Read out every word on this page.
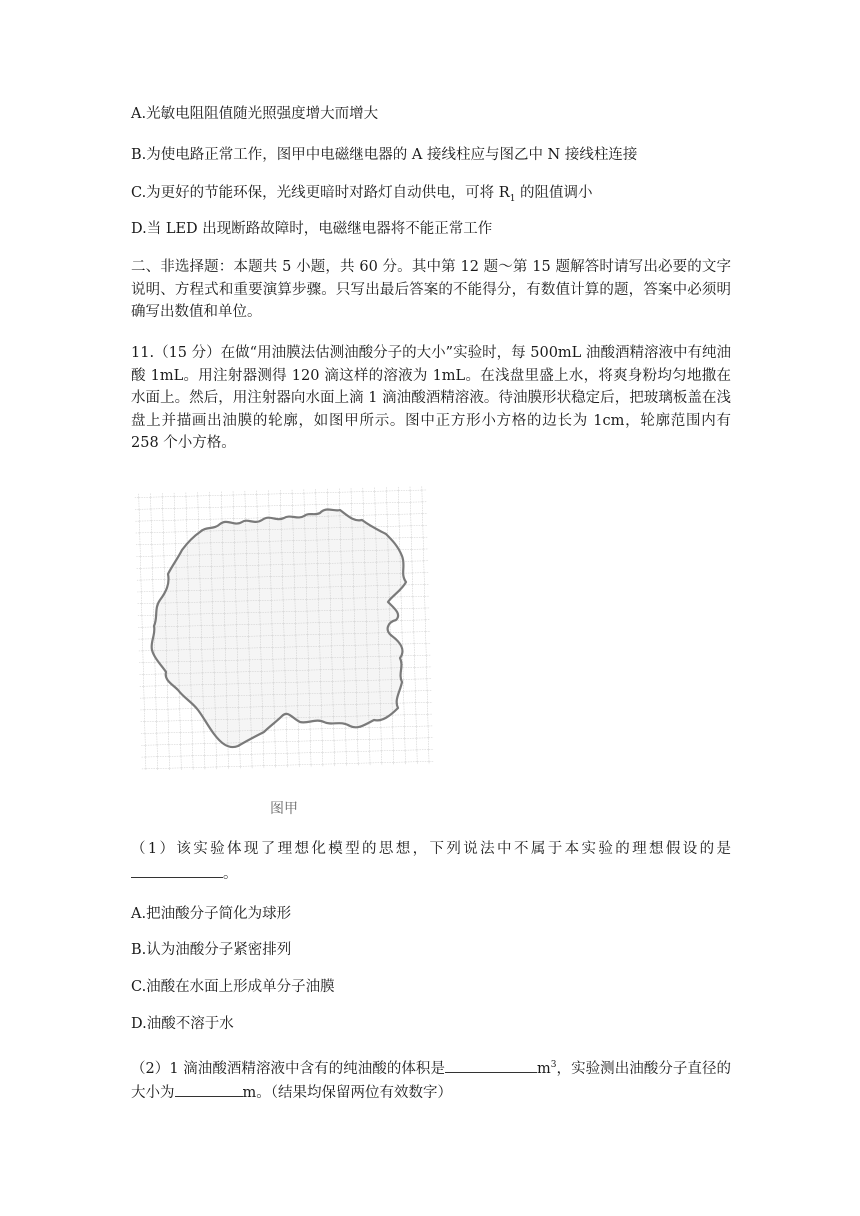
A.光敏电阻阻值随光照强度增大而增大
B.为使电路正常工作，图甲中电磁继电器的 A 接线柱应与图乙中 N 接线柱连接
C.为更好的节能环保，光线更暗时对路灯自动供电，可将 $R_1$ 的阻值调小
D.当 LED 出现断路故障时，电磁继电器将不能正常工作
二、非选择题：本题共 5 小题，共 60 分。其中第 12 题～第 15 题解答时请写出必要的文字说明、方程式和重要演算步骤。只写出最后答案的不能得分，有数值计算的题，答案中必须明确写出数值和单位。
11.（15 分）在做“用油膜法估测油酸分子的大小”实验时，每 500mL 油酸酒精溶液中有纯油酸 1mL。用注射器测得 120 滴这样的溶液为 1mL。在浅盘里盛上水，将爽身粉均匀地撒在水面上。然后，用注射器向水面上滴 1 滴油酸酒精溶液。待油膜形状稳定后，把玻璃板盖在浅盘上并描画出油膜的轮廓，如图甲所示。图中正方形小方格的边长为 1cm，轮廓范围内有 258 个小方格。
图甲
（1）该实验体现了理想化模型的思想，下列说法中不属于本实验的理想假设的是。
A.把油酸分子简化为球形
B.认为油酸分子紧密排列
C.油酸在水面上形成单分子油膜
D.油酸不溶于水
（2）1 滴油酸酒精溶液中含有的纯油酸的体积是	$m^3$，实验测出油酸分子直径的大小为	m。（结果均保留两位有效数字）
